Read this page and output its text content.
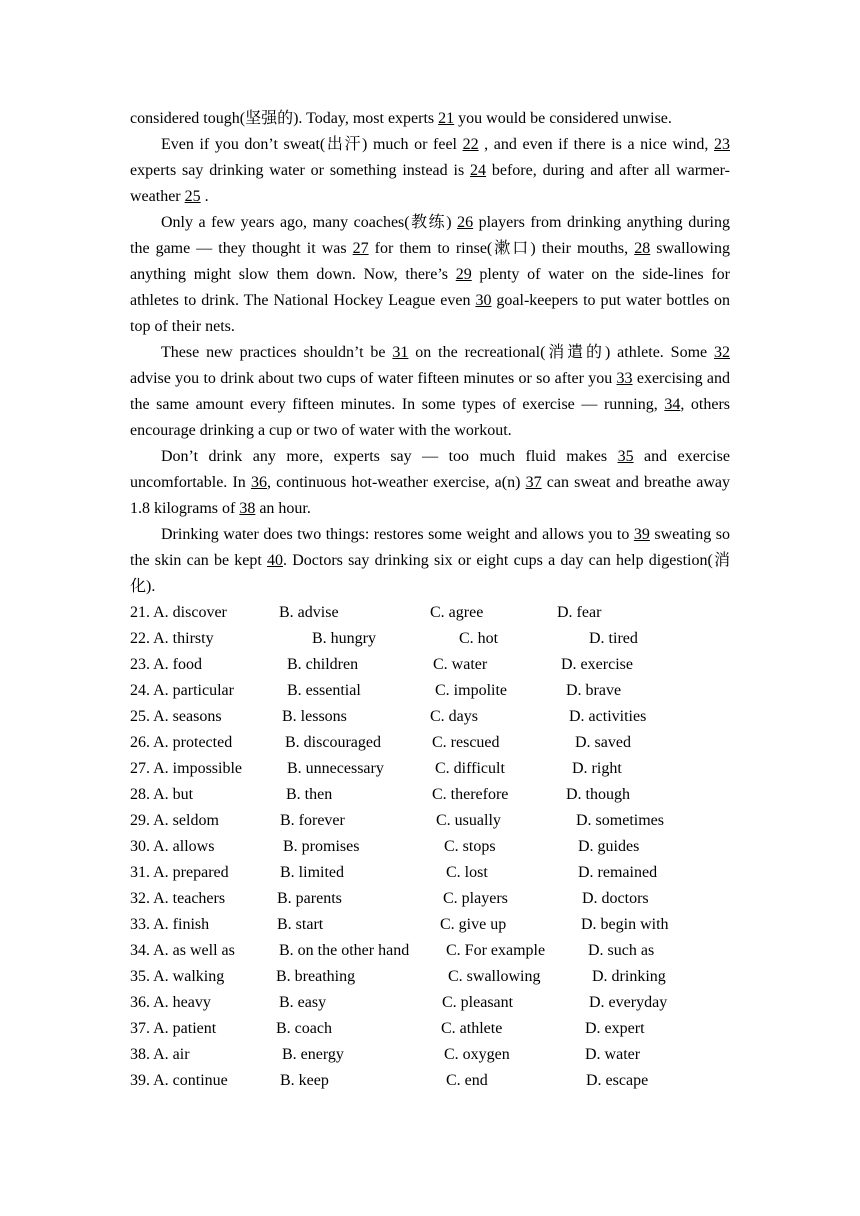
considered tough(坚强的). Today, most experts 21 you would be considered unwise.

Even if you don’t sweat(出汗) much or feel 22 , and even if there is a nice wind, 23 experts say drinking water or something instead is 24 before, during and after all warmer-weather 25 .

Only a few years ago, many coaches(教练) 26 players from drinking anything during the game — they thought it was 27 for them to rinse(漱口) their mouths, 28 swallowing anything might slow them down. Now, there’s 29 plenty of water on the side-lines for athletes to drink. The National Hockey League even 30 goal-keepers to put water bottles on top of their nets.

These new practices shouldn’t be 31 on the recreational(消遣的) athlete. Some 32 advise you to drink about two cups of water fifteen minutes or so after you 33 exercising and the same amount every fifteen minutes. In some types of exercise — running, 34, others encourage drinking a cup or two of water with the workout.

Don’t drink any more, experts say — too much fluid makes 35 and exercise uncomfortable. In 36, continuous hot-weather exercise, a(n) 37 can sweat and breathe away 1.8 kilograms of 38 an hour.

Drinking water does two things: restores some weight and allows you to 39 sweating so the skin can be kept 40. Doctors say drinking six or eight cups a day can help digestion(消化).

21. A. discover	B. advise	C. agree	D. fear
22. A. thirsty	B. hungry	C. hot	D. tired
23. A. food	B. children	C. water	D. exercise
24. A. particular	B. essential	C. impolite	D. brave
25. A. seasons	B. lessons	C. days	D. activities
26. A. protected	B. discouraged	C. rescued	D. saved
27. A. impossible	B. unnecessary	C. difficult	D. right
28. A. but	B. then	C. therefore	D. though
29. A. seldom	B. forever	C. usually	D. sometimes
30. A. allows	B. promises	C. stops	D. guides
31. A. prepared	B. limited	C. lost	D. remained
32. A. teachers	B. parents	C. players	D. doctors
33. A. finish	B. start	C. give up	D. begin with
34. A. as well as	B. on the other hand C. For example	D. such as
35. A. walking	B. breathing	C. swallowing	D. drinking
36. A. heavy	B. easy	C. pleasant	D. everyday
37. A. patient	B. coach	C. athlete	D. expert
38. A. air	B. energy	C. oxygen	D. water
39. A. continue	B. keep	C. end	D. escape
